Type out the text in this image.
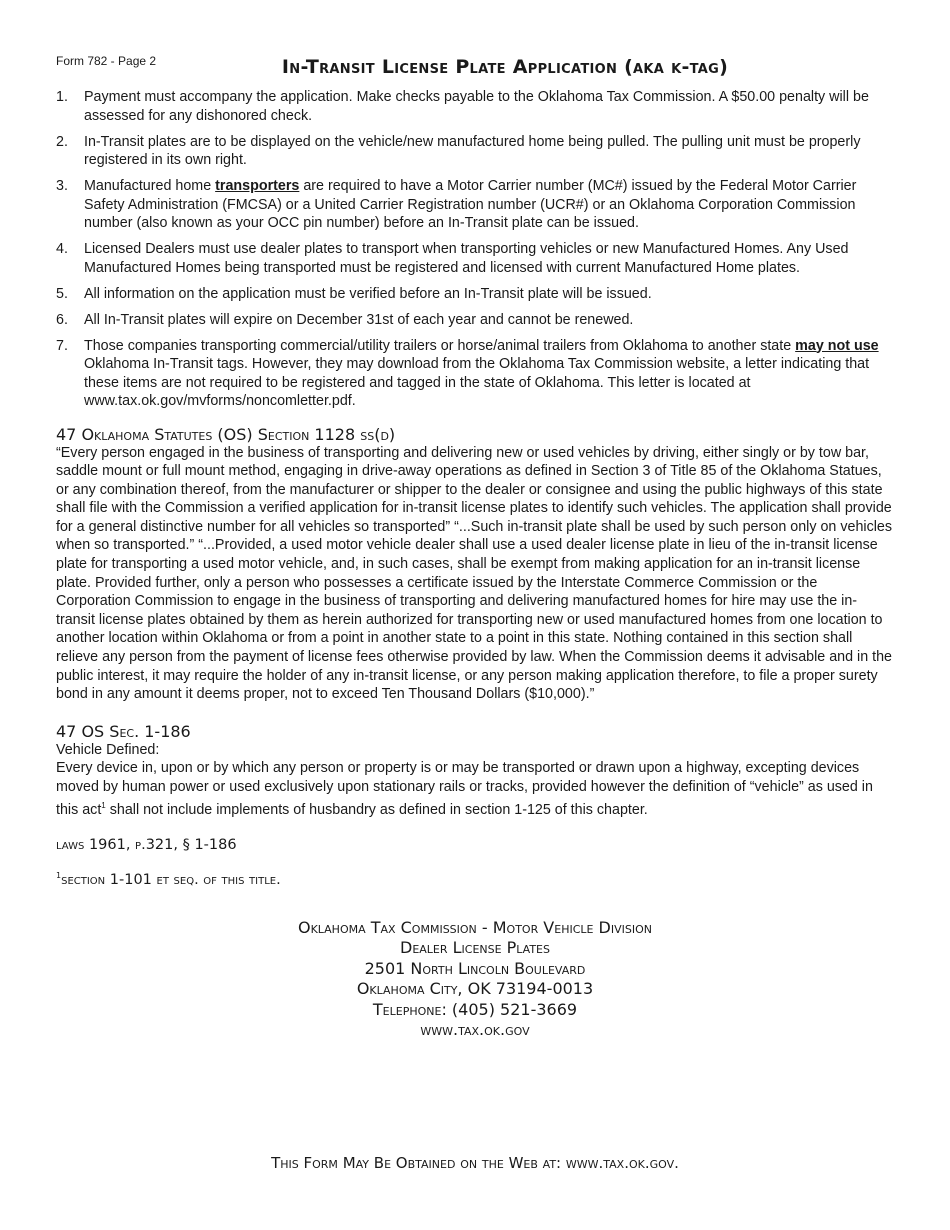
Form 782 - Page 2	In-Transit License Plate Application (aka k-tag)
1.	Payment must accompany the application. Make checks payable to the Oklahoma Tax Commission. A $50.00 penalty will be assessed for any dishonored check.
2.	In-Transit plates are to be displayed on the vehicle/new manufactured home being pulled. The pulling unit must be properly registered in its own right.
3.	Manufactured home transporters are required to have a Motor Carrier number (MC#) issued by the Federal Motor Carrier Safety Administration (FMCSA) or a United Carrier Registration number (UCR#) or an Oklahoma Corporation Commission number (also known as your OCC pin number) before an In-Transit plate can be issued.
4.	Licensed Dealers must use dealer plates to transport when transporting vehicles or new Manufactured Homes. Any Used Manufactured Homes being transported must be registered and licensed with current Manufactured Home plates.
5.	All information on the application must be verified before an In-Transit plate will be issued.
6.	All In-Transit plates will expire on December 31st of each year and cannot be renewed.
7.	Those companies transporting commercial/utility trailers or horse/animal trailers from Oklahoma to another state may not use Oklahoma In-Transit tags. However, they may download from the Oklahoma Tax Commission website, a letter indicating that these items are not required to be registered and tagged in the state of Oklahoma. This letter is located at www.tax.ok.gov/mvforms/noncomletter.pdf.
47 Oklahoma Statutes (OS) Section 1128 ss(d)

“Every person engaged in the business of transporting and delivering new or used vehicles by driving, either singly or by tow bar, saddle mount or full mount method, engaging in drive-away operations as defined in Section 3 of Title 85 of the Oklahoma Statues, or any combination thereof, from the manufacturer or shipper to the dealer or consignee and using the public highways of this state shall file with the Commission a verified application for in-transit license plates to identify such vehicles. The application shall provide for a general distinctive number for all vehicles so transported” “...Such in-transit plate shall be used by such person only on vehicles when so transported.” “...Provided, a used motor vehicle dealer shall use a used dealer license plate in lieu of the in-transit license plate for transporting a used motor vehicle, and, in such cases, shall be exempt from making application for an in-transit license plate. Provided further, only a person who possesses a certificate issued by the Interstate Commerce Commission or the Corporation Commission to engage in the business of transporting and delivering manufactured homes for hire may use the in-transit license plates obtained by them as herein authorized for transporting new or used manufactured homes from one location to another location within Oklahoma or from a point in another state to a point in this state. Nothing contained in this section shall relieve any person from the payment of license fees otherwise provided by law. When the Commission deems it advisable and in the public interest, it may require the holder of any in-transit license, or any person making application therefore, to file a proper surety bond in any amount it deems proper, not to exceed Ten Thousand Dollars ($10,000).”

47 OS Sec. 1-186

Vehicle Defined:

Every device in, upon or by which any person or property is or may be transported or drawn upon a highway, excepting devices moved by human power or used exclusively upon stationary rails or tracks, provided however the definition of “vehicle” as used in this act$^1$ shall not include implements of husbandry as defined in section 1-125 of this chapter.

laws 1961, p.321, § 1-186
$^1$section 1-101 et seq. of this title.
Oklahoma Tax Commission - Motor Vehicle Division
Dealer License Plates
2501 North Lincoln Boulevard
Oklahoma City, OK 73194-0013
Telephone: (405) 521-3669
www.tax.ok.gov
This Form May Be Obtained on the Web at: www.tax.ok.gov.
